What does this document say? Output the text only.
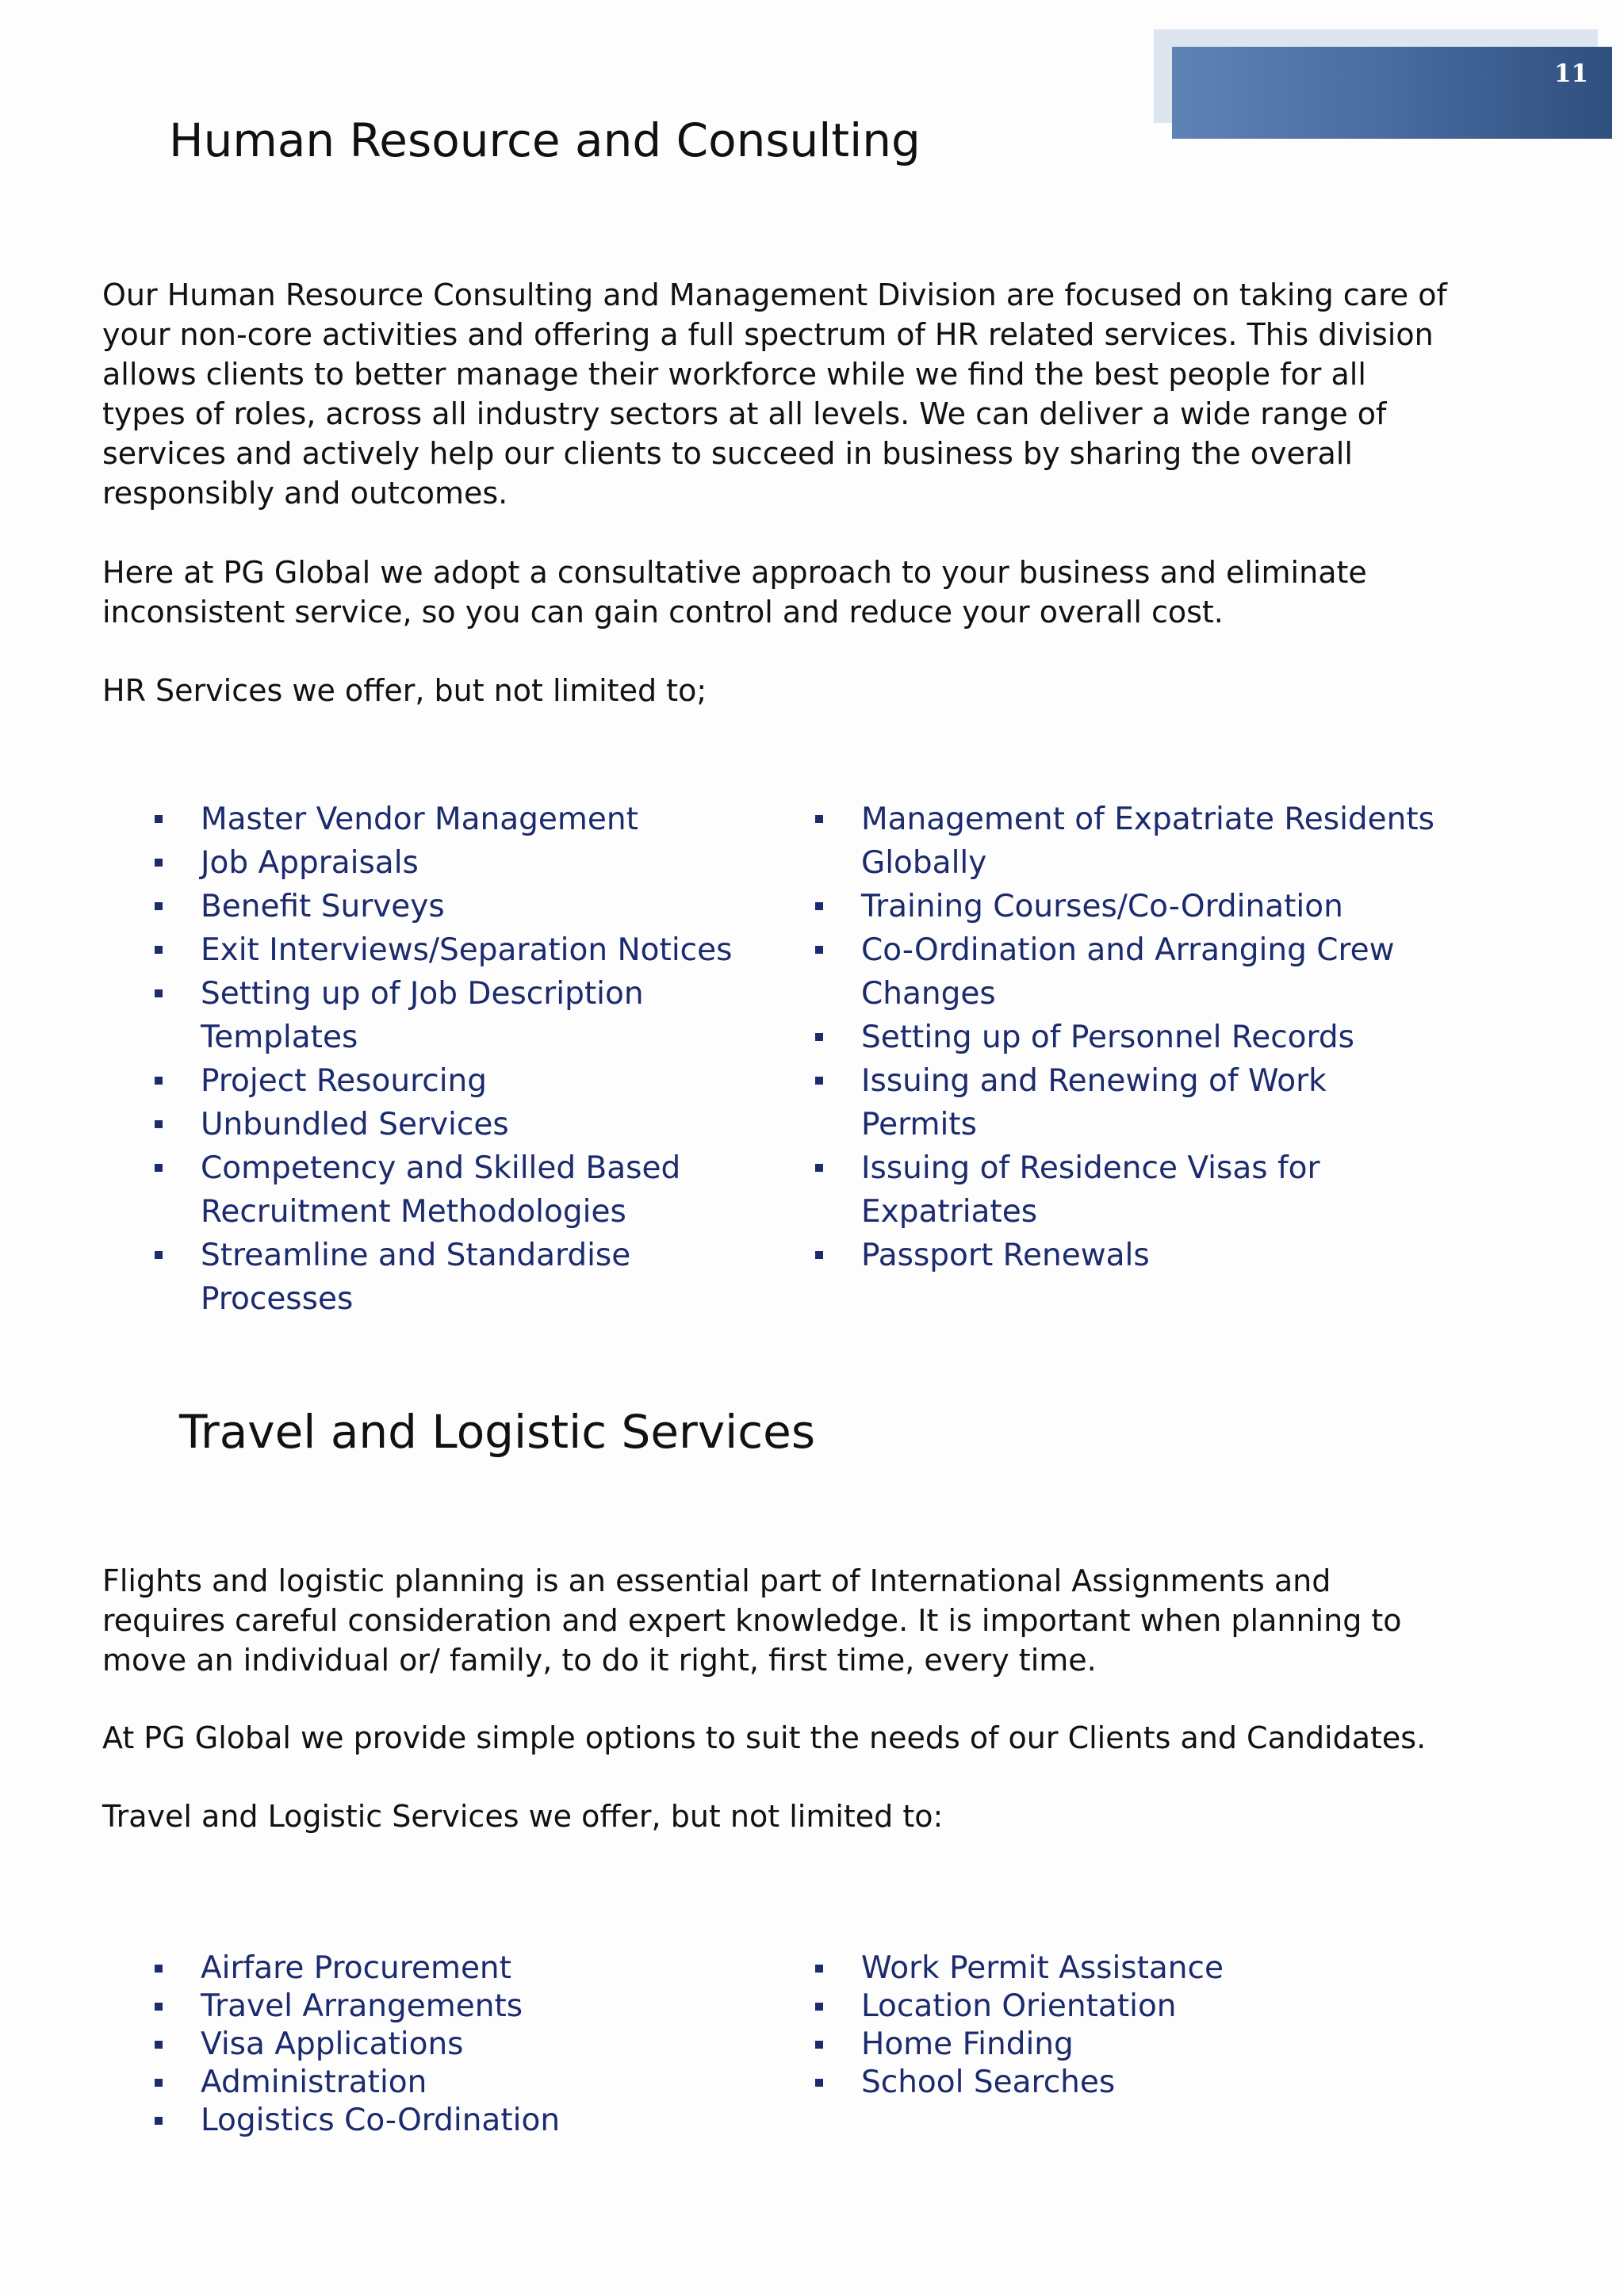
11
Human Resource and Consulting

Our Human Resource Consulting and Management Division are focused on taking care of
your non-core activities and offering a full spectrum of HR related services. This division
allows clients to better manage their workforce while we find the best people for all
types of roles, across all industry sectors at all levels. We can deliver a wide range of
services and actively help our clients to succeed in business by sharing the overall
responsibly and outcomes.

Here at PG Global we adopt a consultative approach to your business and eliminate
inconsistent service, so you can gain control and reduce your overall cost.

HR Services we offer, but not limited to;

Master Vendor Management
Job Appraisals
Benefit Surveys
Exit Interviews/Separation Notices
Setting up of Job Description
Templates
Project Resourcing
Unbundled Services
Competency and Skilled Based
Recruitment Methodologies
Streamline and Standardise Processes
Management of Expatriate Residents
Globally
Training Courses/Co-Ordination
Co-Ordination and Arranging Crew
Changes
Setting up of Personnel Records
Issuing and Renewing of Work
Permits
Issuing of Residence Visas for
Expatriates
Passport Renewals
Travel and Logistic Services

Flights and logistic planning is an essential part of International Assignments and
requires careful consideration and expert knowledge. It is important when planning to
move an individual or/ family, to do it right, first time, every time.

At PG Global we provide simple options to suit the needs of our Clients and Candidates.

Travel and Logistic Services we offer, but not limited to:

Airfare Procurement
Travel Arrangements
Visa Applications
Administration
Logistics Co-Ordination
Work Permit Assistance
Location Orientation
Home Finding
School Searches
